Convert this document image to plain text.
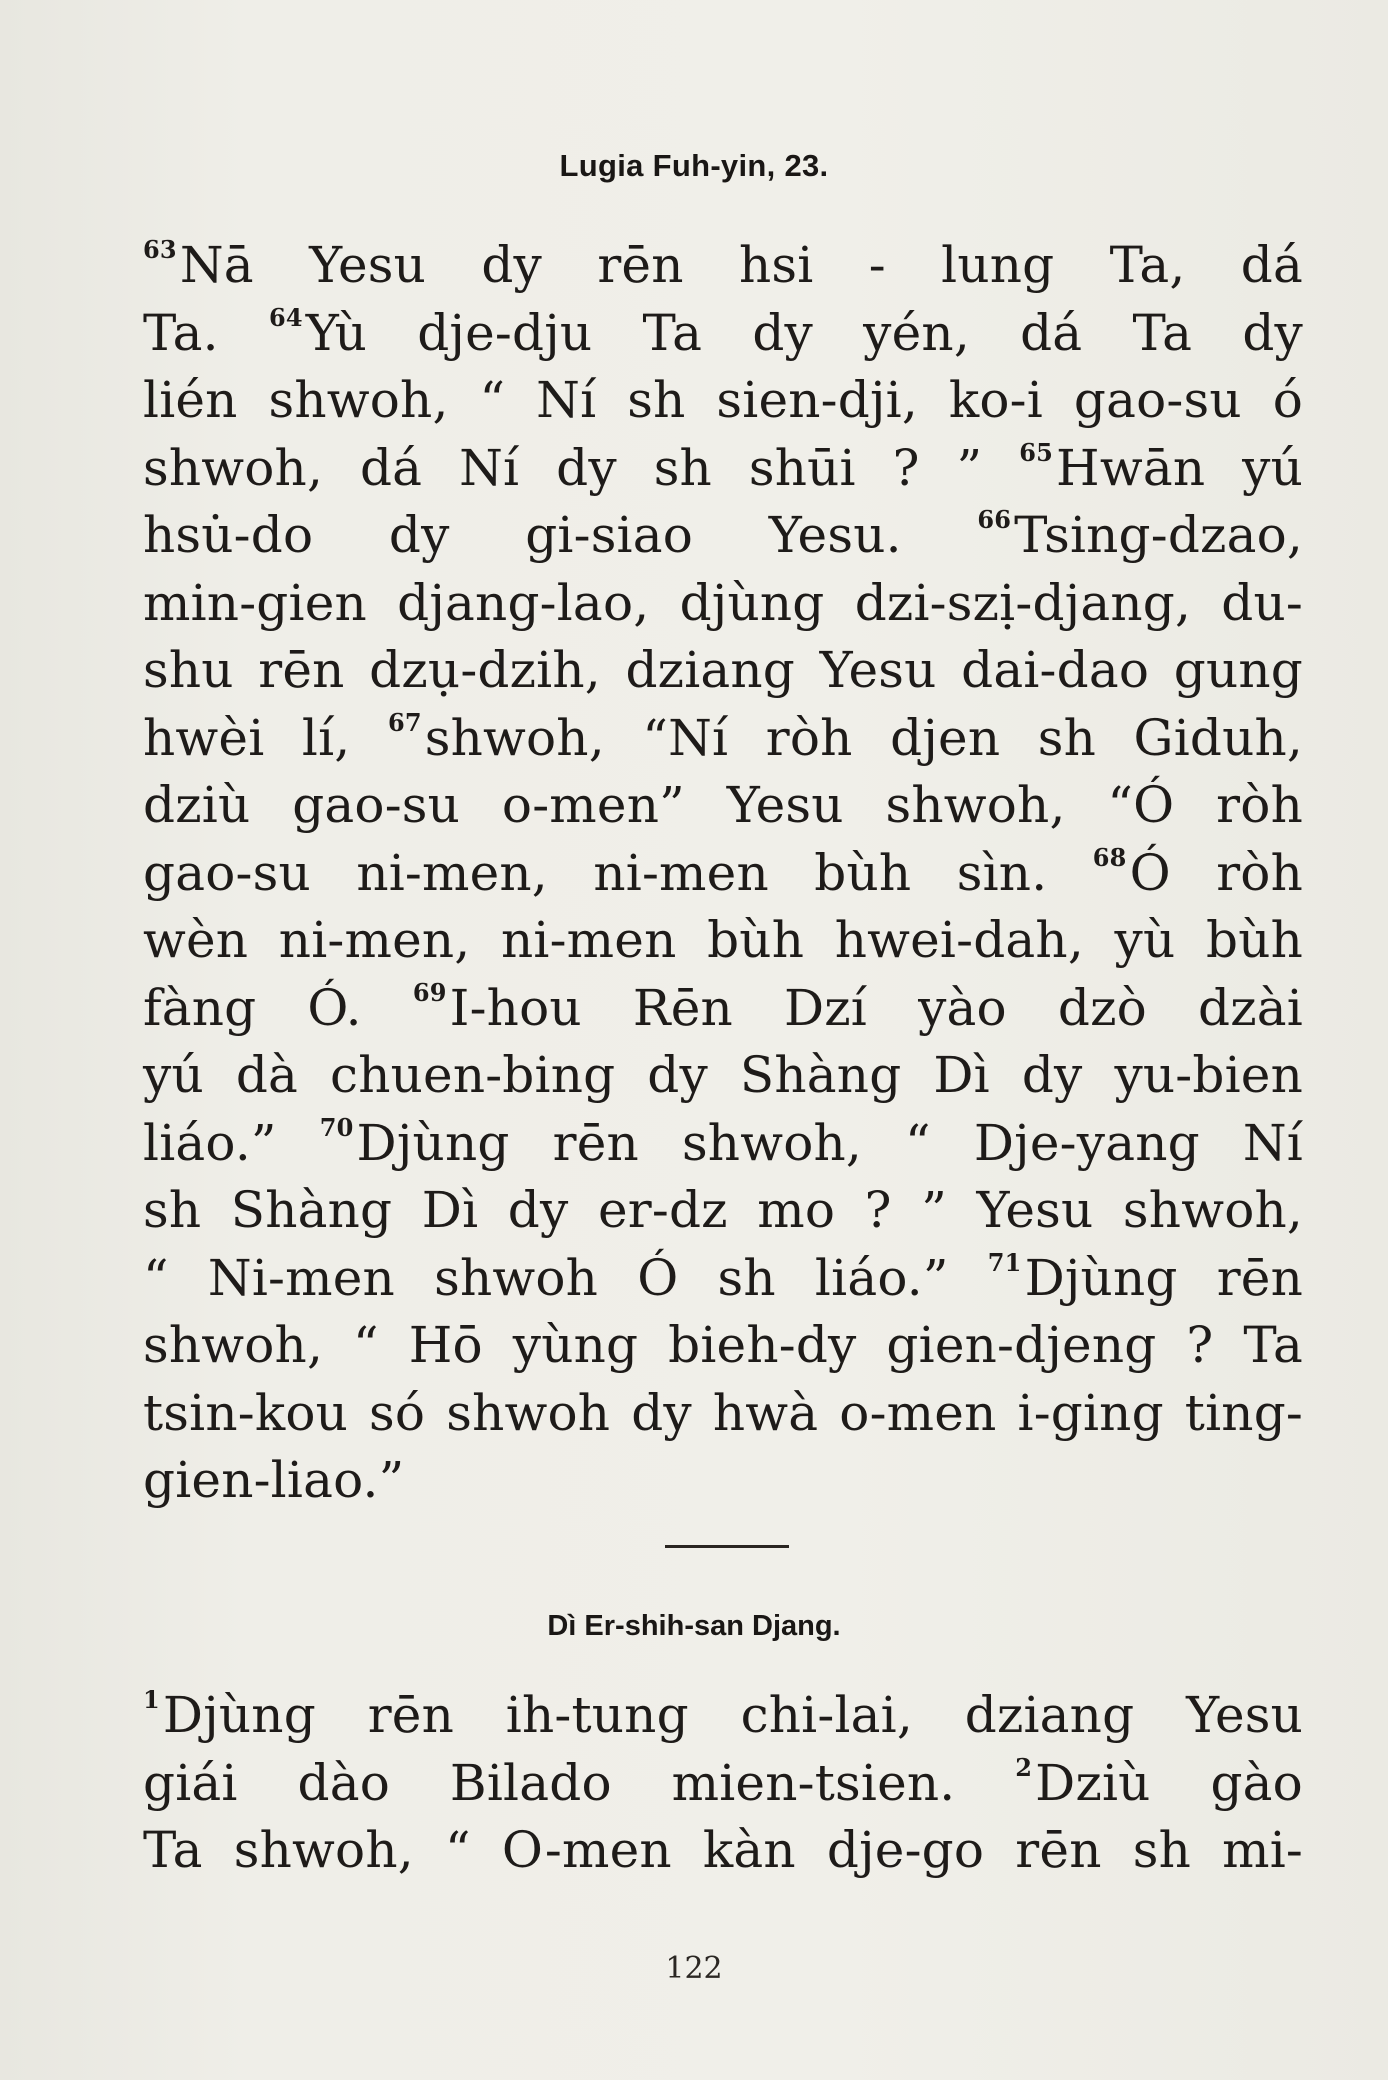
Lugia Fuh-yin, 23.
63Nā Yesu dy rēn hsi - lung Ta, dá
Ta. 64Yù dje-dju Ta dy yén, dá Ta dy
lién shwoh, “ Ní sh sien-dji, ko-i gao-su ó
shwoh, dá Ní dy sh shūi ? ” 65Hwān yú
hsu̇-do dy gi-siao Yesu. 66Tsing-dzao,
min-gien djang-lao, djùng dzi-szị-djang, du-
shu rēn dzụ-dzih, dziang Yesu dai-dao gung
hwèi lí, 67shwoh, “Ní ròh djen sh Giduh,
dziù gao-su o-men” Yesu shwoh, “Ó ròh
gao-su ni-men, ni-men bùh sìn. 68Ó ròh
wèn ni-men, ni-men bùh hwei-dah, yù bùh
fàng Ó. 69I-hou Rēn Dzí yào dzò dzài
yú dà chuen-bing dy Shàng Dì dy yu-bien
liáo.” 70Djùng rēn shwoh, “ Dje-yang Ní
sh Shàng Dì dy er-dz mo ? ” Yesu shwoh,
“ Ni-men shwoh Ó sh liáo.” 71Djùng rēn
shwoh, “ Hō yùng bieh-dy gien-djeng ? Ta
tsin-kou só shwoh dy hwà o-men i-ging ting-
gien-liao.”
Dì Er-shih-san Djang.
1Djùng rēn ih-tung chi-lai, dziang Yesu
giái dào Bilado mien-tsien. 2Dziù gào
Ta shwoh, “ O-men kàn dje-go rēn sh mi-
122
